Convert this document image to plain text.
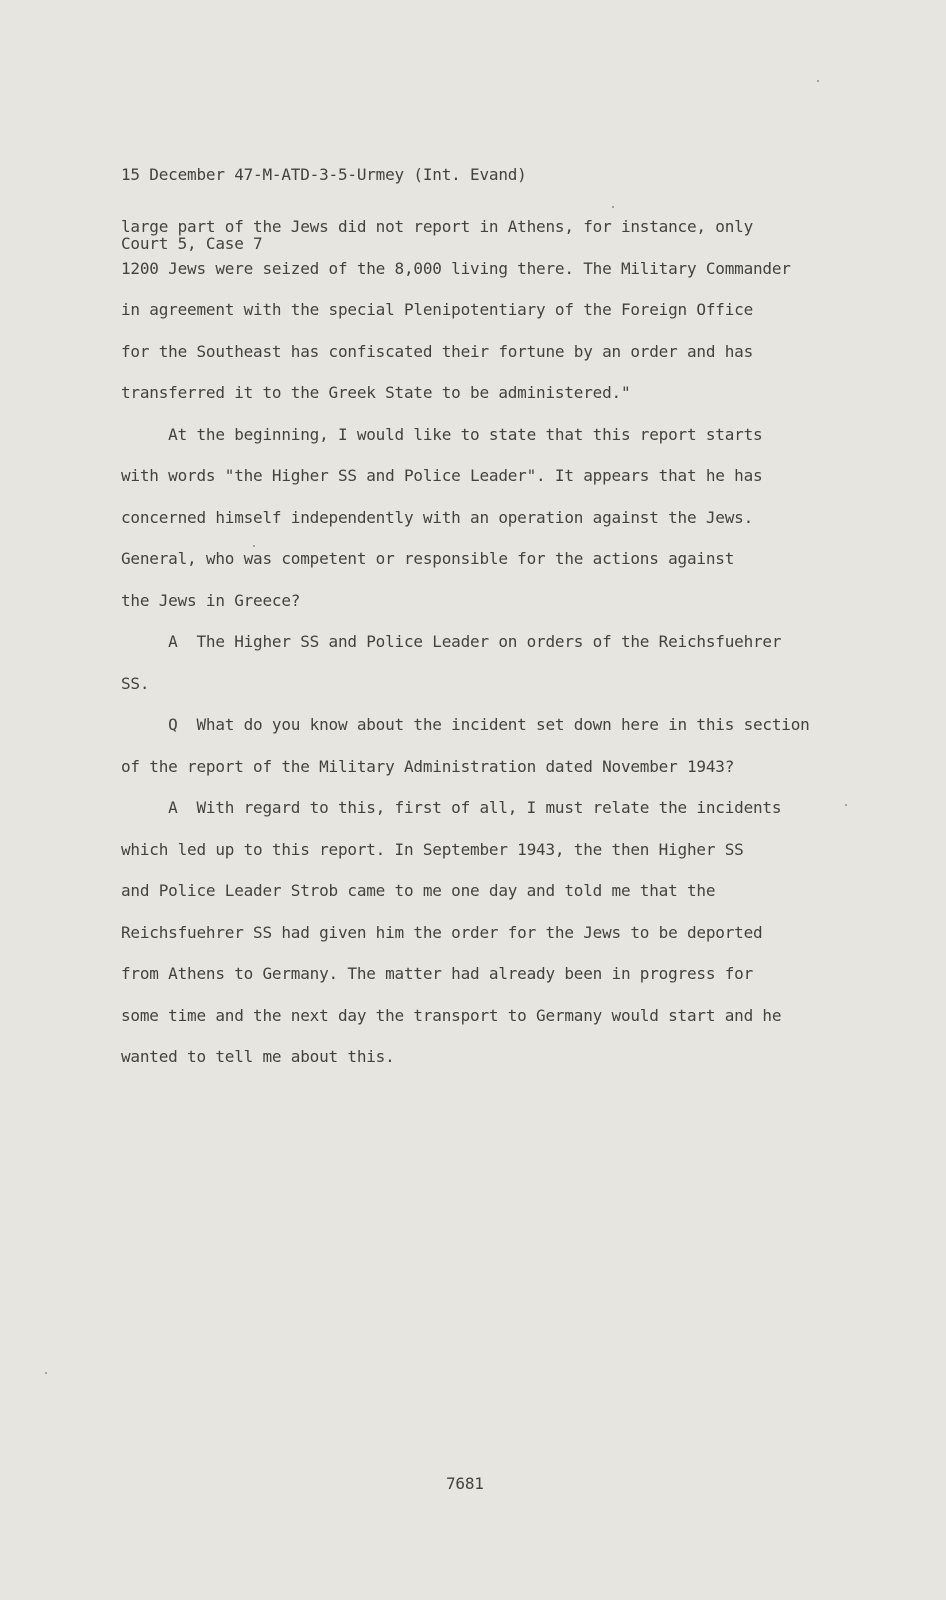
15 December 47-M-ATD-3-5-Urmey (Int. Evand)

Court 5, Case 7

large part of the Jews did not report in Athens, for instance, only
1200 Jews were seized of the 8,000 living there. The Military Commander
in agreement with the special Plenipotentiary of the Foreign Office
for the Southeast has confiscated their fortune by an order and has
transferred it to the Greek State to be administered."
At the beginning, I would like to state that this report starts
with words "the Higher SS and Police Leader". It appears that he has
concerned himself independently with an operation against the Jews.
General, who was competent or responsible for the actions against
the Jews in Greece?
A  The Higher SS and Police Leader on orders of the Reichsfuehrer
SS.
Q  What do you know about the incident set down here in this section
of the report of the Military Administration dated November 1943?
A  With regard to this, first of all, I must relate the incidents
which led up to this report. In September 1943, the then Higher SS
and Police Leader Strob came to me one day and told me that the
Reichsfuehrer SS had given him the order for the Jews to be deported
from Athens to Germany. The matter had already been in progress for
some time and the next day the transport to Germany would start and he
wanted to tell me about this.
7681
